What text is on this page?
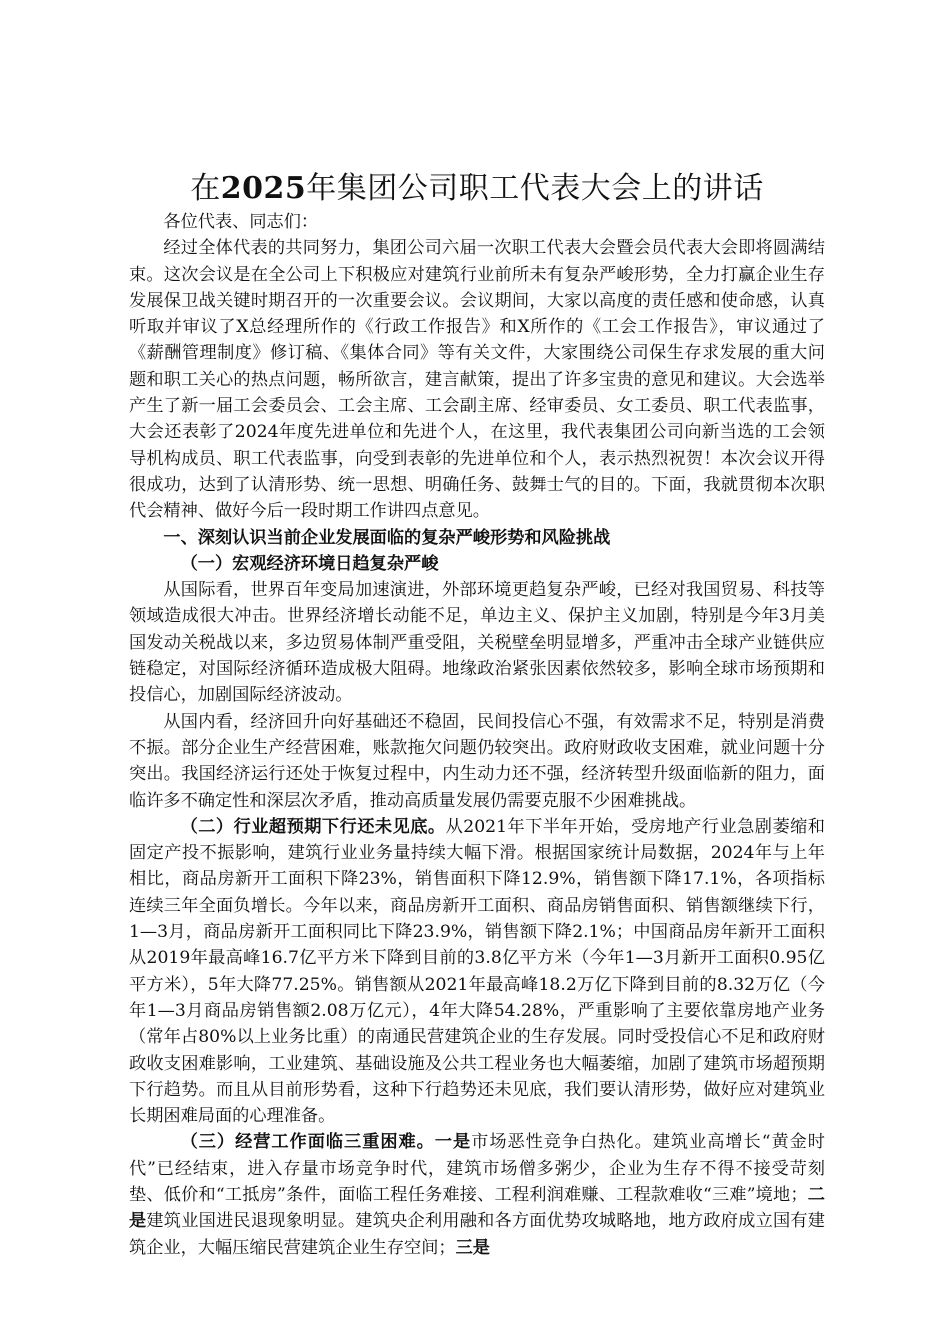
在2025年集团公司职工代表大会上的讲话

各位代表、同志们：

经过全体代表的共同努力，集团公司六届一次职工代表大会暨会员代表大会即将圆满结束。这次会议是在全公司上下积极应对建筑行业前所未有复杂严峻形势，全力打赢企业生存发展保卫战关键时期召开的一次重要会议。会议期间，大家以高度的责任感和使命感，认真听取并审议了X总经理所作的《行政工作报告》和X所作的《工会工作报告》，审议通过了《薪酬管理制度》修订稿、《集体合同》等有关文件，大家围绕公司保生存求发展的重大问题和职工关心的热点问题，畅所欲言，建言献策，提出了许多宝贵的意见和建议。大会选举产生了新一届工会委员会、工会主席、工会副主席、经审委员、女工委员、职工代表监事，大会还表彰了2024年度先进单位和先进个人，在这里，我代表集团公司向新当选的工会领导机构成员、职工代表监事，向受到表彰的先进单位和个人，表示热烈祝贺！本次会议开得很成功，达到了认清形势、统一思想、明确任务、鼓舞士气的目的。下面，我就贯彻本次职代会精神、做好今后一段时期工作讲四点意见。

一、深刻认识当前企业发展面临的复杂严峻形势和风险挑战

（一）宏观经济环境日趋复杂严峻

从国际看，世界百年变局加速演进，外部环境更趋复杂严峻，已经对我国贸易、科技等领域造成很大冲击。世界经济增长动能不足，单边主义、保护主义加剧，特别是今年3月美国发动关税战以来，多边贸易体制严重受阻，关税壁垒明显增多，严重冲击全球产业链供应链稳定，对国际经济循环造成极大阻碍。地缘政治紧张因素依然较多，影响全球市场预期和投信心，加剧国际经济波动。

从国内看，经济回升向好基础还不稳固，民间投信心不强，有效需求不足，特别是消费不振。部分企业生产经营困难，账款拖欠问题仍较突出。政府财政收支困难，就业问题十分突出。我国经济运行还处于恢复过程中，内生动力还不强，经济转型升级面临新的阻力，面临许多不确定性和深层次矛盾，推动高质量发展仍需要克服不少困难挑战。

（二）行业超预期下行还未见底。从2021年下半年开始，受房地产行业急剧萎缩和固定产投不振影响，建筑行业业务量持续大幅下滑。根据国家统计局数据，2024年与上年相比，商品房新开工面积下降23%，销售面积下降12.9%，销售额下降17.1%，各项指标连续三年全面负增长。今年以来，商品房新开工面积、商品房销售面积、销售额继续下行，1—3月，商品房新开工面积同比下降23.9%，销售额下降2.1%；中国商品房年新开工面积从2019年最高峰16.7亿平方米下降到目前的3.8亿平方米（今年1—3月新开工面积0.95亿平方米），5年大降77.25%。销售额从2021年最高峰18.2万亿下降到目前的8.32万亿（今年1—3月商品房销售额2.08万亿元），4年大降54.28%，严重影响了主要依靠房地产业务（常年占80%以上业务比重）的南通民营建筑企业的生存发展。同时受投信心不足和政府财政收支困难影响，工业建筑、基础设施及公共工程业务也大幅萎缩，加剧了建筑市场超预期下行趋势。而且从目前形势看，这种下行趋势还未见底，我们要认清形势，做好应对建筑业长期困难局面的心理准备。

（三）经营工作面临三重困难。一是市场恶性竞争白热化。建筑业高增长“黄金时代”已经结束，进入存量市场竞争时代，建筑市场僧多粥少，企业为生存不得不接受苛刻垫、低价和“工抵房”条件，面临工程任务难接、工程利润难赚、工程款难收“三难”境地；二是建筑业国进民退现象明显。建筑央企利用融和各方面优势攻城略地，地方政府成立国有建筑企业，大幅压缩民营建筑企业生存空间；三是
